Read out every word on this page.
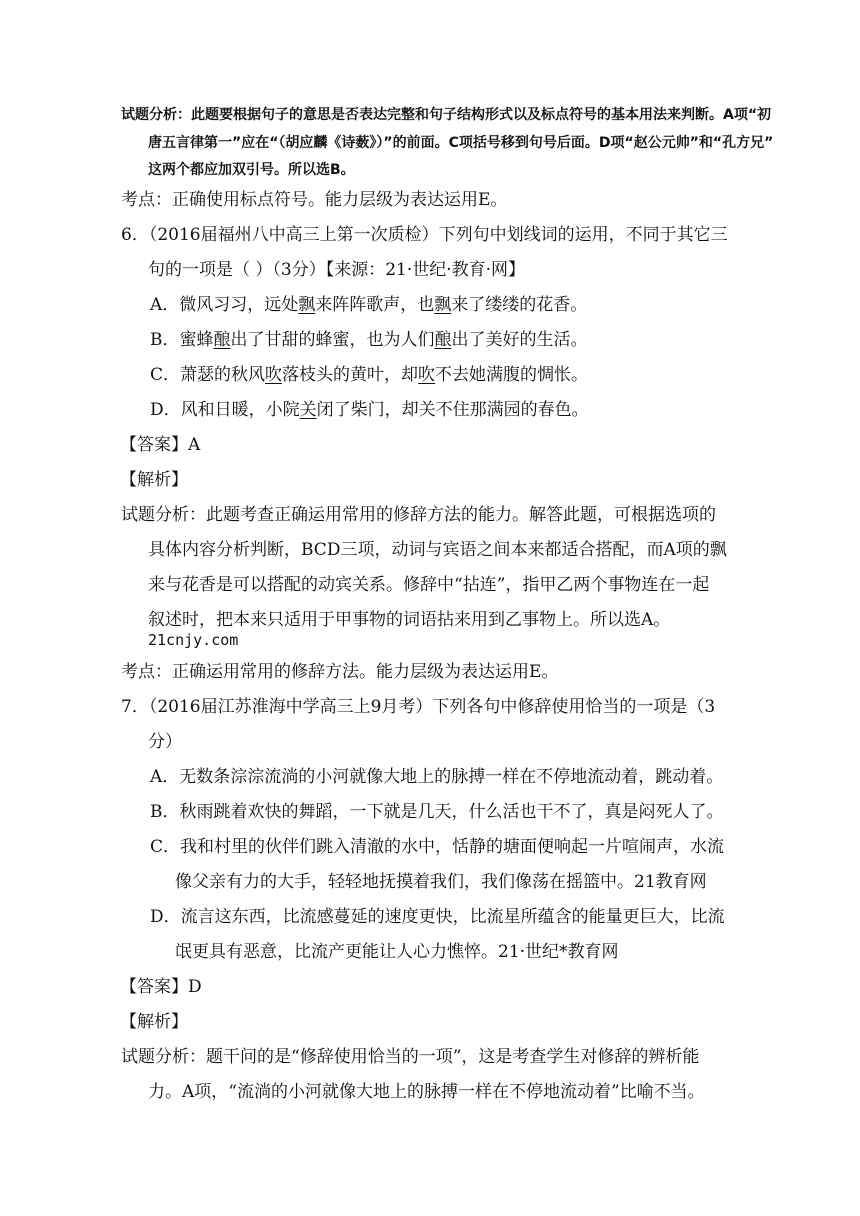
试题分析：此题要根据句子的意思是否表达完整和句子结构形式以及标点符号的基本用法来判断。A项“初
唐五言律第一”应在“（胡应麟《诗薮》）”的前面。C项括号移到句号后面。D项“赵公元帅”和“孔方兄”
这两个都应加双引号。所以选B。
考点：正确使用标点符号。能力层级为表达运用E。
6．（2016届福州八中高三上第一次质检）下列句中划线词的运用，不同于其它三
句的一项是（ ）（3分）【来源：21·世纪·教育·网】
A．微风习习，远处飘来阵阵歌声，也飘来了缕缕的花香。
B．蜜蜂酿出了甘甜的蜂蜜，也为人们酿出了美好的生活。
C．萧瑟的秋风吹落枝头的黄叶，却吹不去她满腹的惆怅。
D．风和日暖，小院关闭了柴门，却关不住那满园的春色。
【答案】A
【解析】
试题分析：此题考查正确运用常用的修辞方法的能力。解答此题，可根据选项的
具体内容分析判断，BCD三项，动词与宾语之间本来都适合搭配，而A项的飘
来与花香是可以搭配的动宾关系。修辞中“拈连”，指甲乙两个事物连在一起
叙述时，把本来只适用于甲事物的词语拈来用到乙事物上。所以选A。
21cnjy.com
考点：正确运用常用的修辞方法。能力层级为表达运用E。
7．（2016届江苏淮海中学高三上9月考）下列各句中修辞使用恰当的一项是（3
分）
A．无数条淙淙流淌的小河就像大地上的脉搏一样在不停地流动着，跳动着。
B．秋雨跳着欢快的舞蹈，一下就是几天，什么活也干不了，真是闷死人了。
C．我和村里的伙伴们跳入清澈的水中，恬静的塘面便响起一片喧闹声，水流
像父亲有力的大手，轻轻地抚摸着我们，我们像荡在摇篮中。21教育网
D．流言这东西，比流感蔓延的速度更快，比流星所蕴含的能量更巨大，比流
氓更具有恶意，比流产更能让人心力憔悴。21·世纪*教育网
【答案】D
【解析】
试题分析：题干问的是“修辞使用恰当的一项”，这是考查学生对修辞的辨析能
力。A项，“流淌的小河就像大地上的脉搏一样在不停地流动着”比喻不当。
